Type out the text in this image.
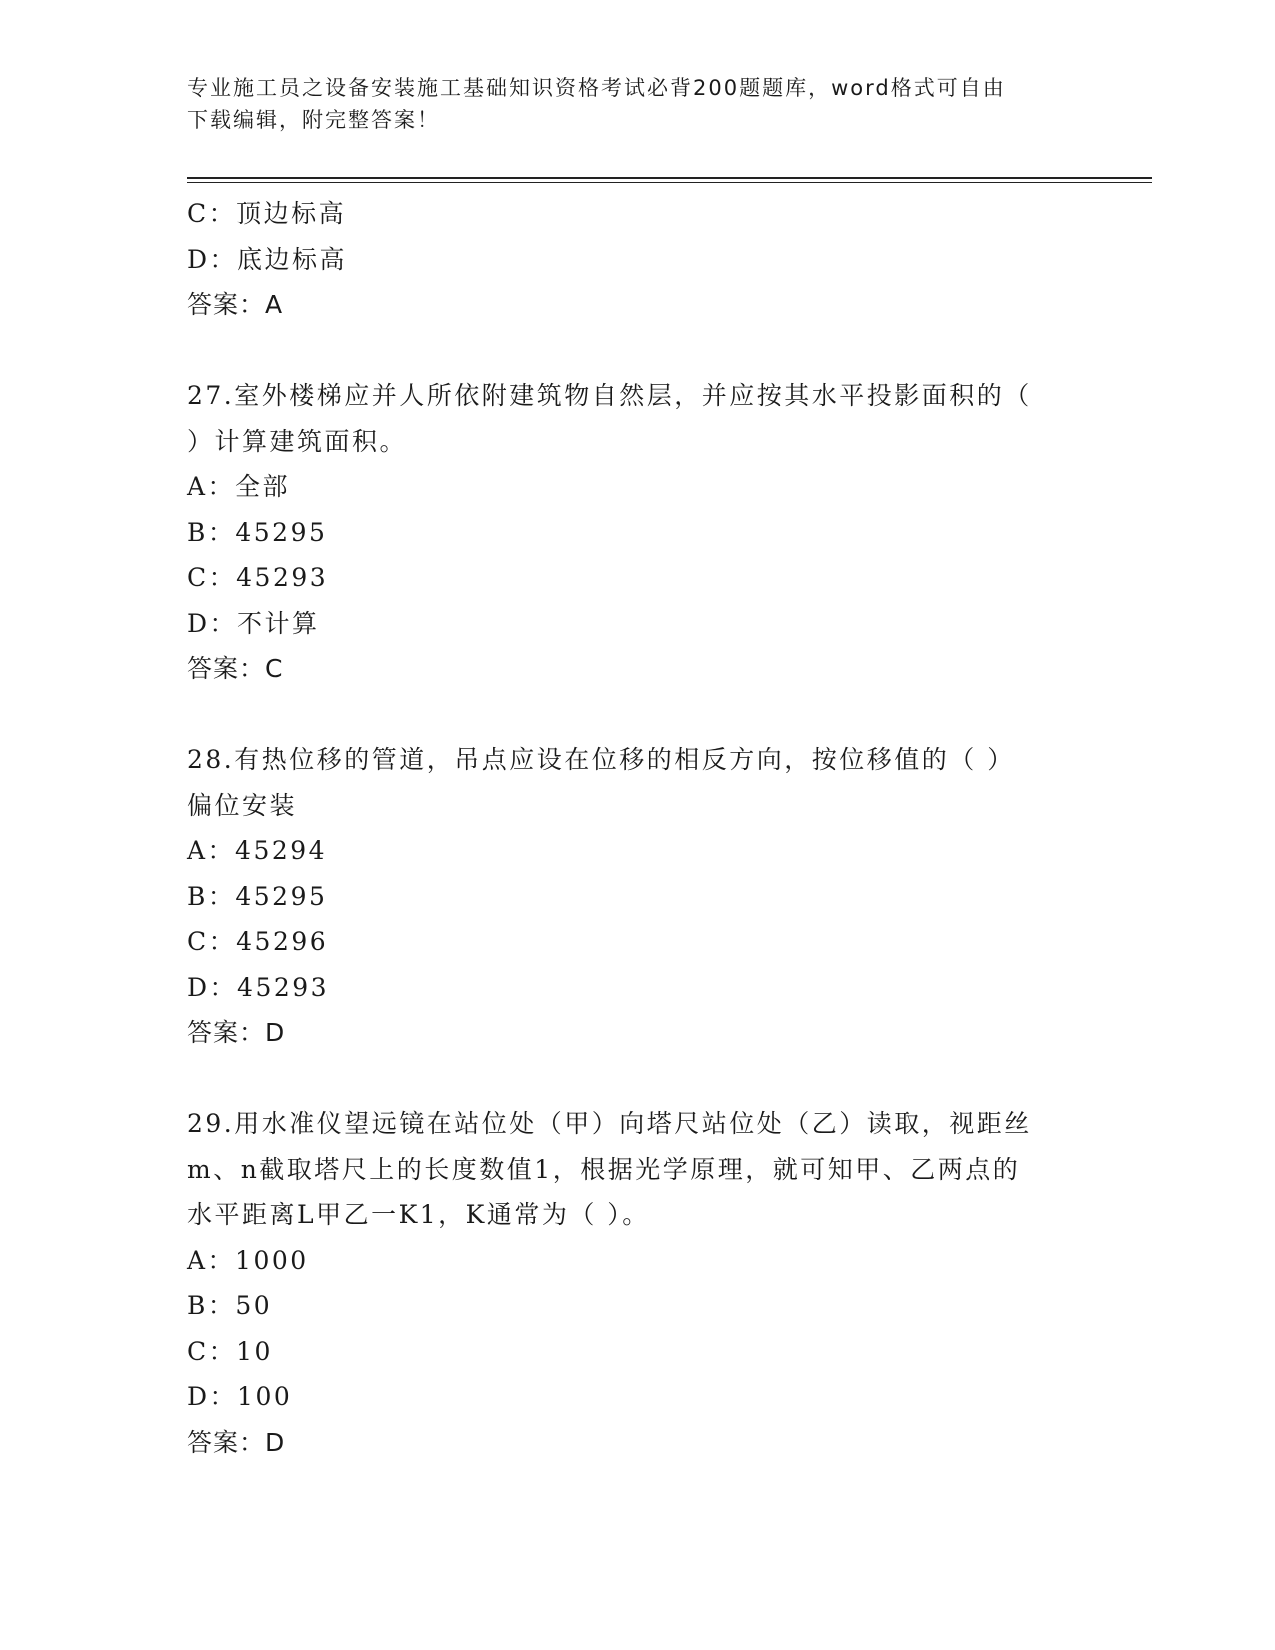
专业施工员之设备安装施工基础知识资格考试必背200题题库，word格式可自由
下载编辑，附完整答案！
C：顶边标高
D：底边标高
答案：A
27.室外楼梯应并人所依附建筑物自然层，并应按其水平投影面积的（
）计算建筑面积。
A：全部
B：45295
C：45293
D：不计算
答案：C
28.有热位移的管道，吊点应设在位移的相反方向，按位移值的（ ）
偏位安装
A：45294
B：45295
C：45296
D：45293
答案：D
29.用水准仪望远镜在站位处（甲）向塔尺站位处（乙）读取，视距丝
m、n截取塔尺上的长度数值1，根据光学原理，就可知甲、乙两点的
水平距离L甲乙一K1，K通常为（ ）。
A：1000
B：50
C：10
D：100
答案：D
